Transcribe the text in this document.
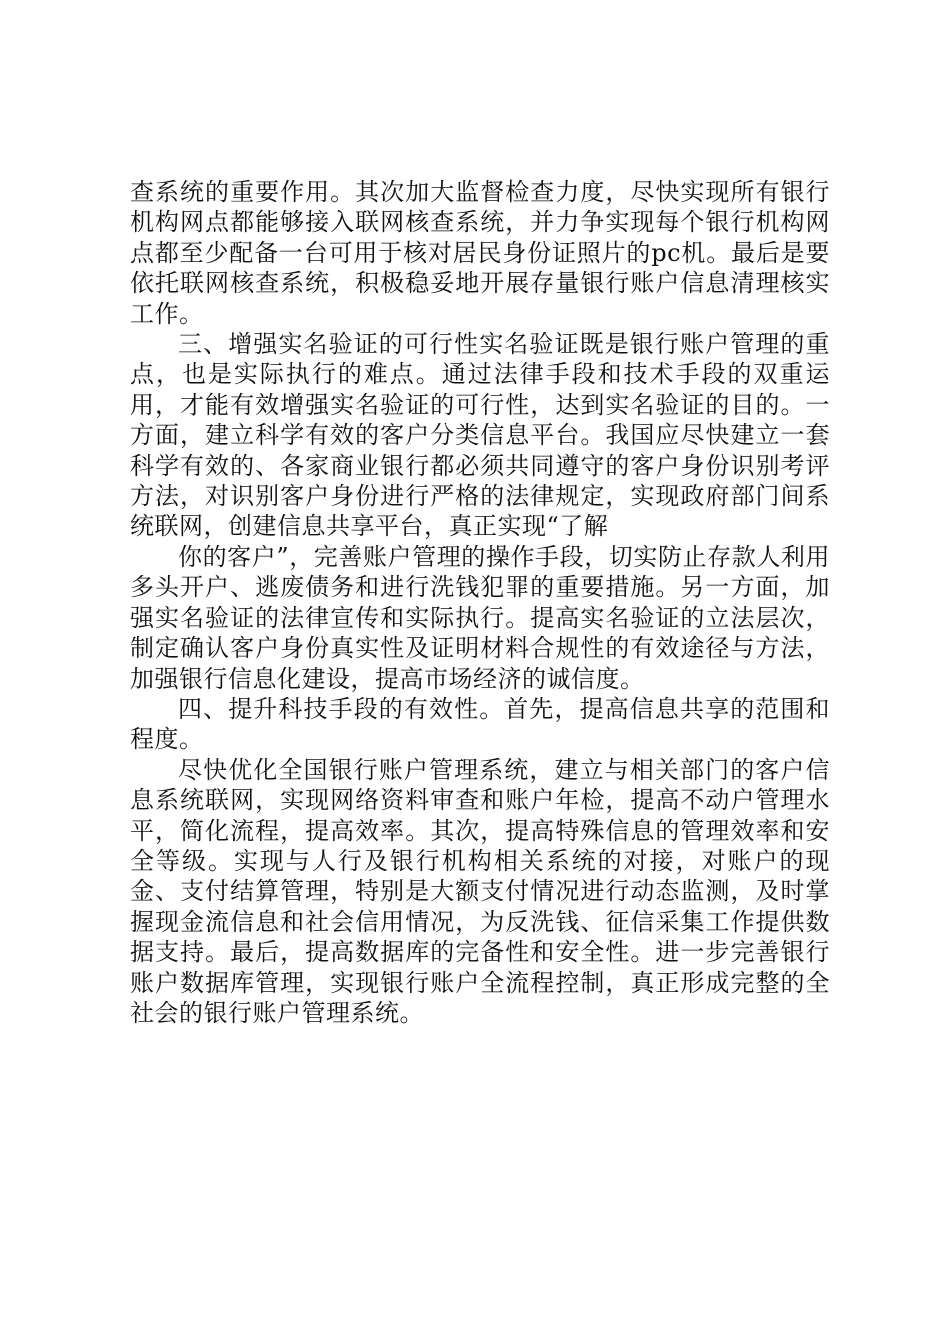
查系统的重要作用。其次加大监督检查力度，尽快实现所有银行机构网点都能够接入联网核查系统，并力争实现每个银行机构网点都至少配备一台可用于核对居民身份证照片的pc机。最后是要依托联网核查系统，积极稳妥地开展存量银行账户信息清理核实工作。

三、增强实名验证的可行性实名验证既是银行账户管理的重点，也是实际执行的难点。通过法律手段和技术手段的双重运用，才能有效增强实名验证的可行性，达到实名验证的目的。一方面，建立科学有效的客户分类信息平台。我国应尽快建立一套科学有效的、各家商业银行都必须共同遵守的客户身份识别考评方法，对识别客户身份进行严格的法律规定，实现政府部门间系统联网，创建信息共享平台，真正实现“了解

你的客户”，完善账户管理的操作手段，切实防止存款人利用多头开户、逃废债务和进行洗钱犯罪的重要措施。另一方面，加强实名验证的法律宣传和实际执行。提高实名验证的立法层次，制定确认客户身份真实性及证明材料合规性的有效途径与方法，加强银行信息化建设，提高市场经济的诚信度。

四、提升科技手段的有效性。首先，提高信息共享的范围和程度。

尽快优化全国银行账户管理系统，建立与相关部门的客户信息系统联网，实现网络资料审查和账户年检，提高不动户管理水平，简化流程，提高效率。其次，提高特殊信息的管理效率和安全等级。实现与人行及银行机构相关系统的对接，对账户的现金、支付结算管理，特别是大额支付情况进行动态监测，及时掌握现金流信息和社会信用情况，为反洗钱、征信采集工作提供数据支持。最后，提高数据库的完备性和安全性。进一步完善银行账户数据库管理，实现银行账户全流程控制，真正形成完整的全社会的银行账户管理系统。
